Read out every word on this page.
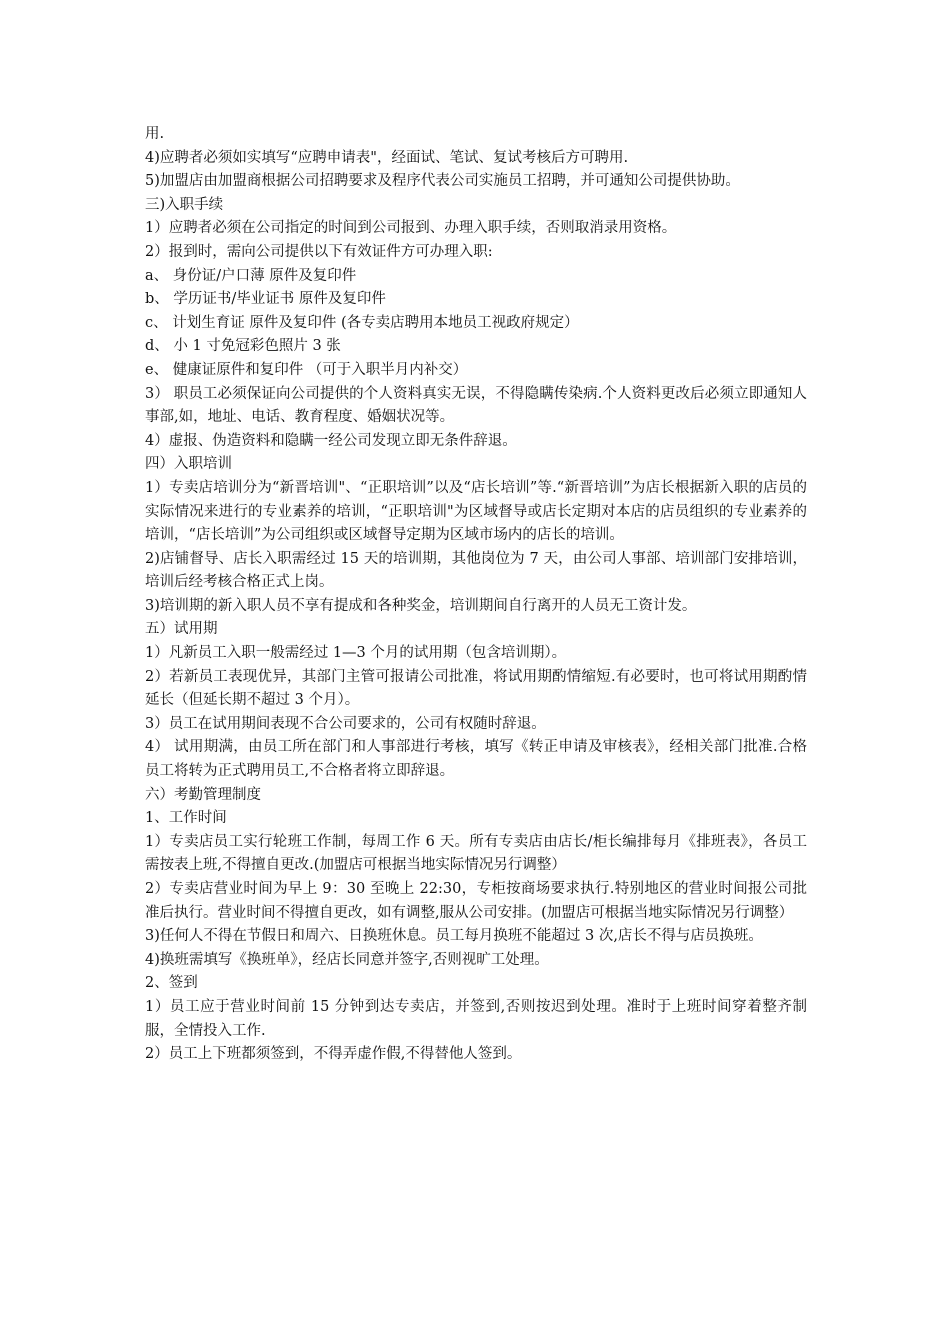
用.

4)应聘者必须如实填写“应聘申请表"，经面试、笔试、复试考核后方可聘用.

5)加盟店由加盟商根据公司招聘要求及程序代表公司实施员工招聘，并可通知公司提供协助。

三)入职手续

1）应聘者必须在公司指定的时间到公司报到、办理入职手续，否则取消录用资格。

2）报到时，需向公司提供以下有效证件方可办理入职:

a、 身份证/户口薄 原件及复印件

b、 学历证书/毕业证书 原件及复印件

c、 计划生育证 原件及复印件 (各专卖店聘用本地员工视政府规定）

d、 小 1 寸免冠彩色照片 3 张

e、 健康证原件和复印件 （可于入职半月内补交）

3） 职员工必须保证向公司提供的个人资料真实无误，不得隐瞒传染病.个人资料更改后必须立即通知人事部,如，地址、电话、教育程度、婚姻状况等。

4）虚报、伪造资料和隐瞒一经公司发现立即无条件辞退。

四）入职培训

1）专卖店培训分为“新晋培训"、“正职培训”以及“店长培训”等.“新晋培训”为店长根据新入职的店员的实际情况来进行的专业素养的培训，“正职培训"为区域督导或店长定期对本店的店员组织的专业素养的培训，“店长培训”为公司组织或区域督导定期为区域市场内的店长的培训。

2)店铺督导、店长入职需经过 15 天的培训期，其他岗位为 7 天，由公司人事部、培训部门安排培训，培训后经考核合格正式上岗。

3)培训期的新入职人员不享有提成和各种奖金，培训期间自行离开的人员无工资计发。

五）试用期

1）凡新员工入职一般需经过 1—3 个月的试用期（包含培训期）。

2）若新员工表现优异，其部门主管可报请公司批准，将试用期酌情缩短.有必要时，也可将试用期酌情延长（但延长期不超过 3 个月）。

3）员工在试用期间表现不合公司要求的，公司有权随时辞退。

4） 试用期满，由员工所在部门和人事部进行考核，填写《转正申请及审核表》，经相关部门批准.合格员工将转为正式聘用员工,不合格者将立即辞退。

六）考勤管理制度

1、工作时间

1）专卖店员工实行轮班工作制，每周工作 6 天。所有专卖店由店长/柜长编排每月《排班表》，各员工需按表上班,不得擅自更改.(加盟店可根据当地实际情况另行调整）

2）专卖店营业时间为早上 9：30 至晚上 22:30，专柜按商场要求执行.特别地区的营业时间报公司批准后执行。营业时间不得擅自更改，如有调整,服从公司安排。(加盟店可根据当地实际情况另行调整）

3)任何人不得在节假日和周六、日换班休息。员工每月换班不能超过 3 次,店长不得与店员换班。

4)换班需填写《换班单》，经店长同意并签字,否则视旷工处理。

2、签到

1）员工应于营业时间前 15 分钟到达专卖店，并签到,否则按迟到处理。准时于上班时间穿着整齐制服，全情投入工作.

2）员工上下班都须签到，不得弄虚作假,不得替他人签到。
